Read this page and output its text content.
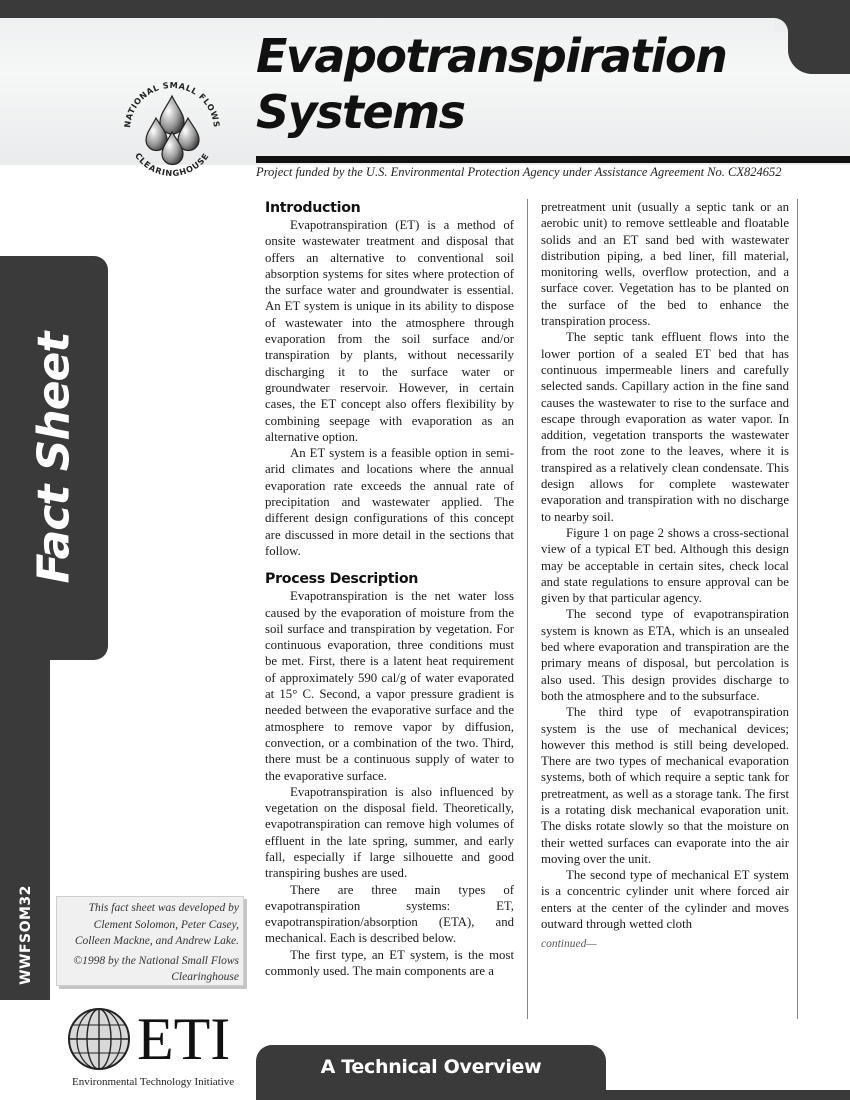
Evapotranspiration Systems
Project funded by the U.S. Environmental Protection Agency under Assistance Agreement No. CX824652
NATIONAL SMALL FLOWS
CLEARINGHOUSE
Fact Sheet
WWFSOM32	This fact sheet was developed by Clement Solomon, Peter Casey, Colleen Mackne, and Andrew Lake.

©1998 by the National Small Flows Clearinghouse

ETI
Environmental Technology Initiative
Introduction

Evapotranspiration (ET) is a method of onsite wastewater treatment and disposal that offers an alternative to conventional soil absorption systems for sites where protection of the surface water and groundwater is essential. An ET system is unique in its ability to dispose of wastewater into the atmosphere through evaporation from the soil surface and/or transpiration by plants, without necessarily discharging it to the surface water or groundwater reservoir. However, in certain cases, the ET concept also offers flexibility by combining seepage with evaporation as an alternative option.

An ET system is a feasible option in semi-arid climates and locations where the annual evaporation rate exceeds the annual rate of precipitation and wastewater applied. The different design configurations of this concept are discussed in more detail in the sections that follow.

Process Description

Evapotranspiration is the net water loss caused by the evaporation of moisture from the soil surface and transpiration by vegetation. For continuous evaporation, three conditions must be met. First, there is a latent heat requirement of approximately 590 cal/g of water evaporated at 15° C. Second, a vapor pressure gradient is needed between the evaporative surface and the atmosphere to remove vapor by diffusion, convection, or a combination of the two. Third, there must be a continuous supply of water to the evaporative surface.

Evapotranspiration is also influenced by vegetation on the disposal field. Theoretically, evapotranspiration can remove high volumes of effluent in the late spring, summer, and early fall, especially if large silhouette and good transpiring bushes are used.

There are three main types of evapotranspiration systems: ET, evapotranspiration/absorption (ETA), and mechanical. Each is described below.

The first type, an ET system, is the most commonly used. The main components are a

pretreatment unit (usually a septic tank or an aerobic unit) to remove settleable and floatable solids and an ET sand bed with wastewater distribution piping, a bed liner, fill material, monitoring wells, overflow protection, and a surface cover. Vegetation has to be planted on the surface of the bed to enhance the transpiration process.

The septic tank effluent flows into the lower portion of a sealed ET bed that has continuous impermeable liners and carefully selected sands. Capillary action in the fine sand causes the wastewater to rise to the surface and escape through evaporation as water vapor. In addition, vegetation transports the wastewater from the root zone to the leaves, where it is transpired as a relatively clean condensate. This design allows for complete wastewater evaporation and transpiration with no discharge to nearby soil.

Figure 1 on page 2 shows a cross-sectional view of a typical ET bed. Although this design may be acceptable in certain sites, check local and state regulations to ensure approval can be given by that particular agency.

The second type of evapotranspiration system is known as ETA, which is an unsealed bed where evaporation and transpiration are the primary means of disposal, but percolation is also used. This design provides discharge to both the atmosphere and to the subsurface.

The third type of evapotranspiration system is the use of mechanical devices; however this method is still being developed. There are two types of mechanical evaporation systems, both of which require a septic tank for pretreatment, as well as a storage tank. The first is a rotating disk mechanical evaporation unit. The disks rotate slowly so that the moisture on their wetted surfaces can evaporate into the air moving over the unit.

The second type of mechanical ET system is a concentric cylinder unit where forced air enters at the center of the cylinder and moves outward through wetted cloth

continued—
A Technical Overview
